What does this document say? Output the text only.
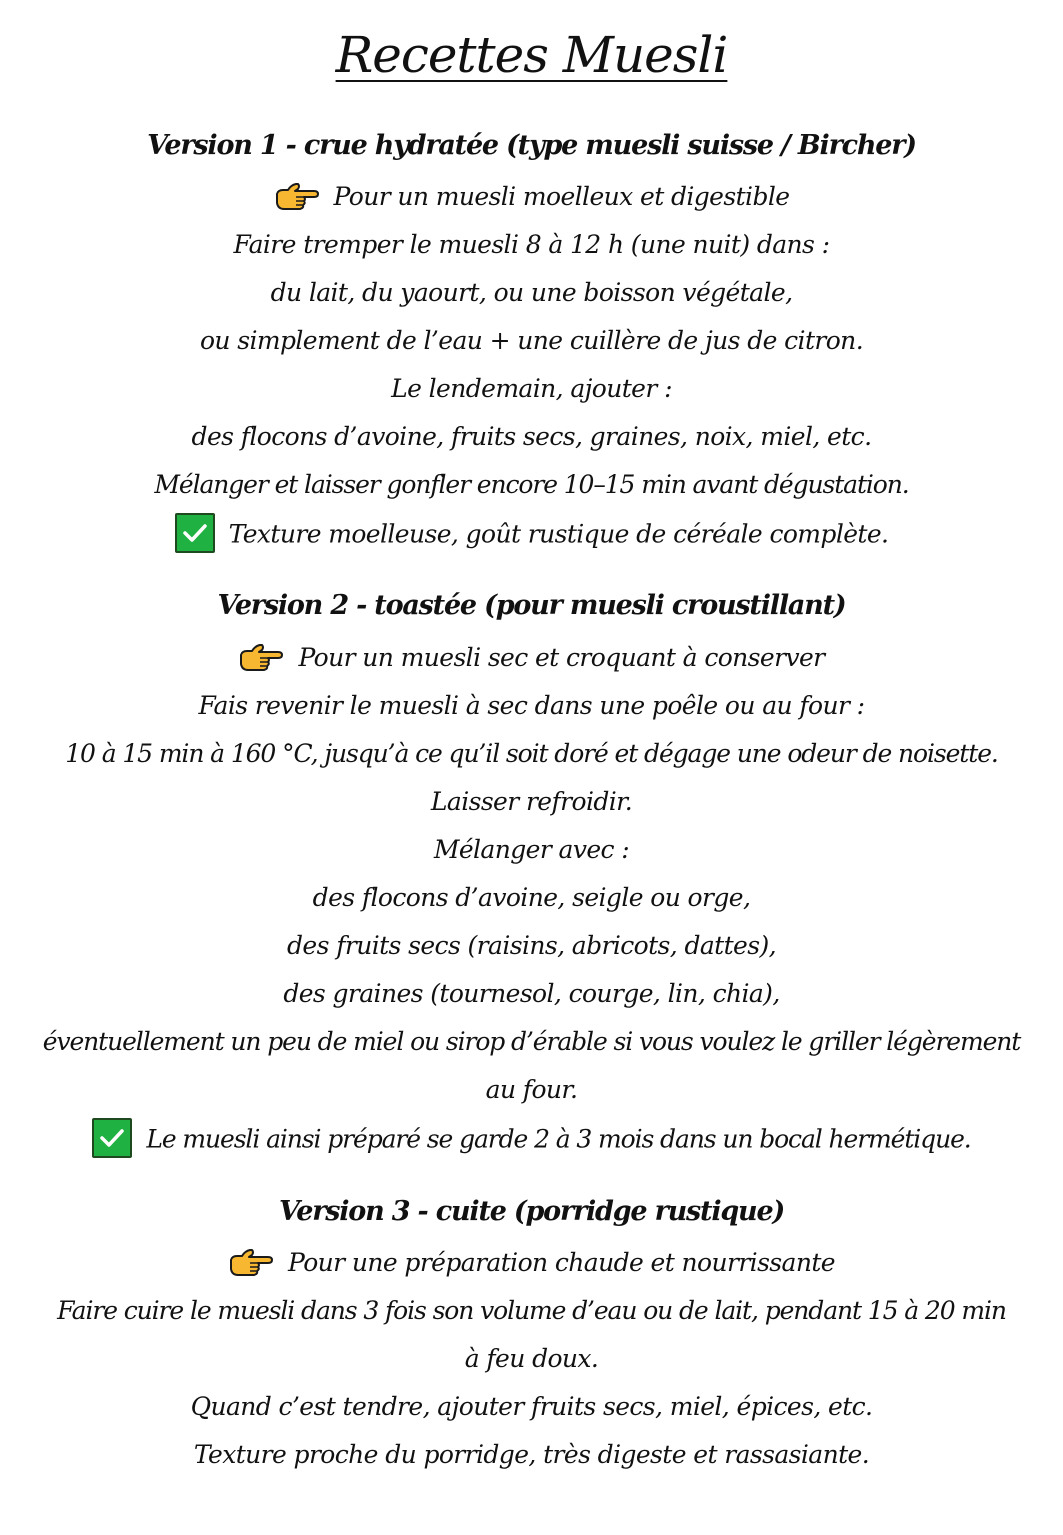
Recettes Muesli
Version 1 - crue hydratée (type muesli suisse / Bircher)
Pour un muesli moelleux et digestible
Faire tremper le muesli 8 à 12 h (une nuit) dans :
du lait, du yaourt, ou une boisson végétale,
ou simplement de l’eau + une cuillère de jus de citron.
Le lendemain, ajouter :
des flocons d’avoine, fruits secs, graines, noix, miel, etc.
Mélanger et laisser gonfler encore 10–15 min avant dégustation.
Texture moelleuse, goût rustique de céréale complète.
Version 2 - toastée (pour muesli croustillant)
Pour un muesli sec et croquant à conserver
Fais revenir le muesli à sec dans une poêle ou au four :
10 à 15 min à 160 °C, jusqu’à ce qu’il soit doré et dégage une odeur de noisette.
Laisser refroidir.
Mélanger avec :
des flocons d’avoine, seigle ou orge,
des fruits secs (raisins, abricots, dattes),
des graines (tournesol, courge, lin, chia),
éventuellement un peu de miel ou sirop d’érable si vous voulez le griller légèrement
au four.
Le muesli ainsi préparé se garde 2 à 3 mois dans un bocal hermétique.
Version 3 - cuite (porridge rustique)
Pour une préparation chaude et nourrissante
Faire cuire le muesli dans 3 fois son volume d’eau ou de lait, pendant 15 à 20 min
à feu doux.
Quand c’est tendre, ajouter fruits secs, miel, épices, etc.
Texture proche du porridge, très digeste et rassasiante.
